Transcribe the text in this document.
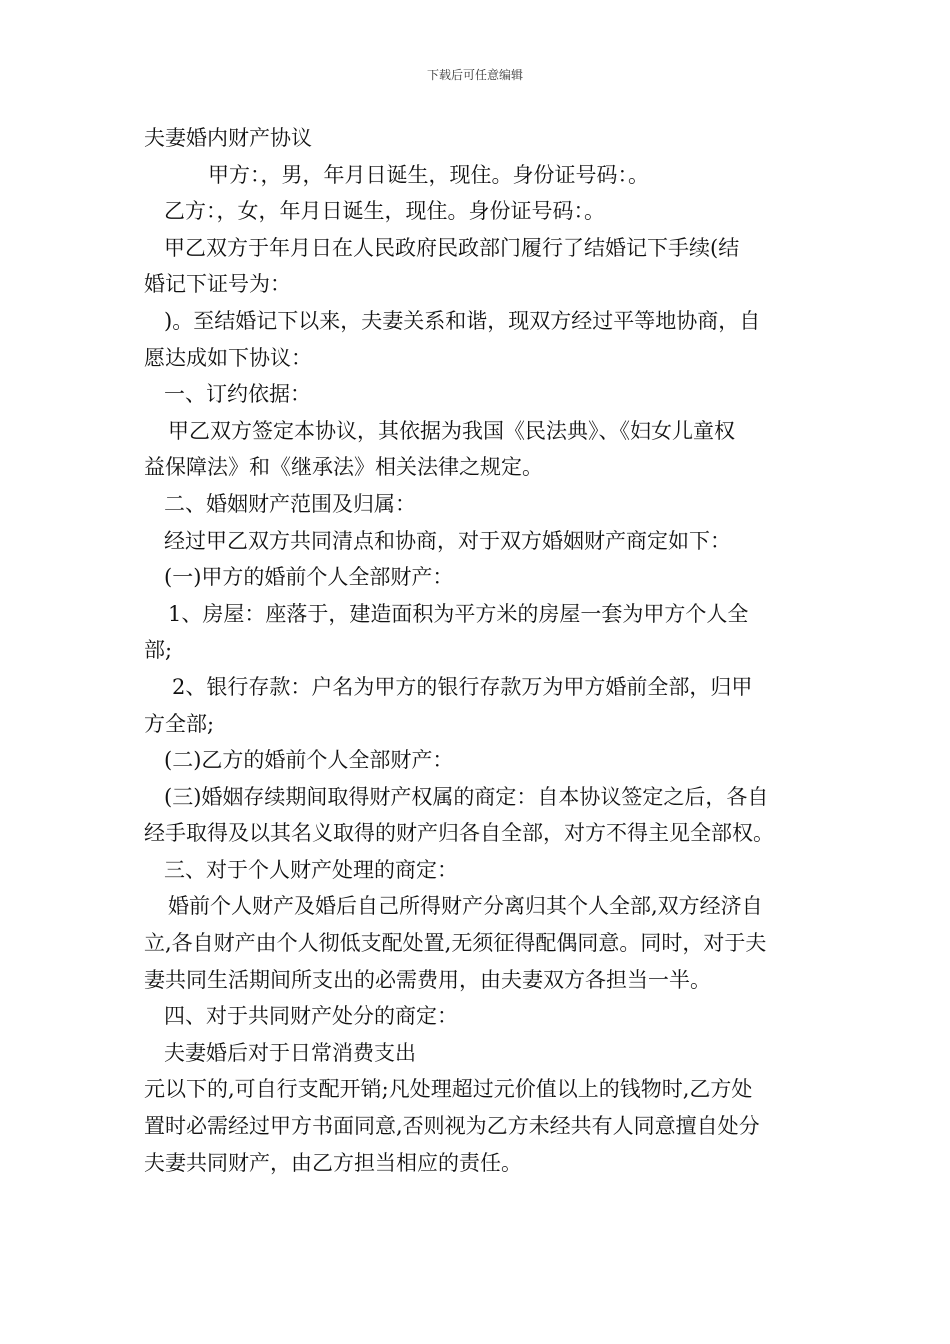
下载后可任意编辑
夫妻婚内财产协议
甲方：，男，年月日诞生，现住。身份证号码：。
乙方：，女，年月日诞生，现住。身份证号码：。
甲乙双方于年月日在人民政府民政部门履行了结婚记下手续(结
婚记下证号为：
)。至结婚记下以来，夫妻关系和谐，现双方经过平等地协商，自
愿达成如下协议：
一、订约依据：
甲乙双方签定本协议，其依据为我国《民法典》、《妇女儿童权
益保障法》和《继承法》相关法律之规定。
二、婚姻财产范围及归属：
经过甲乙双方共同清点和协商，对于双方婚姻财产商定如下：
(一)甲方的婚前个人全部财产：
1、房屋：座落于，建造面积为平方米的房屋一套为甲方个人全
部;
2、银行存款：户名为甲方的银行存款万为甲方婚前全部，归甲
方全部;
(二)乙方的婚前个人全部财产：
(三)婚姻存续期间取得财产权属的商定：自本协议签定之后，各自
经手取得及以其名义取得的财产归各自全部，对方不得主见全部权。
三、对于个人财产处理的商定：
婚前个人财产及婚后自己所得财产分离归其个人全部,双方经济自
立,各自财产由个人彻低支配处置,无须征得配偶同意。同时，对于夫
妻共同生活期间所支出的必需费用，由夫妻双方各担当一半。
四、对于共同财产处分的商定：
夫妻婚后对于日常消费支出
元以下的,可自行支配开销;凡处理超过元价值以上的钱物时,乙方处
置时必需经过甲方书面同意,否则视为乙方未经共有人同意擅自处分
夫妻共同财产，由乙方担当相应的责任。
